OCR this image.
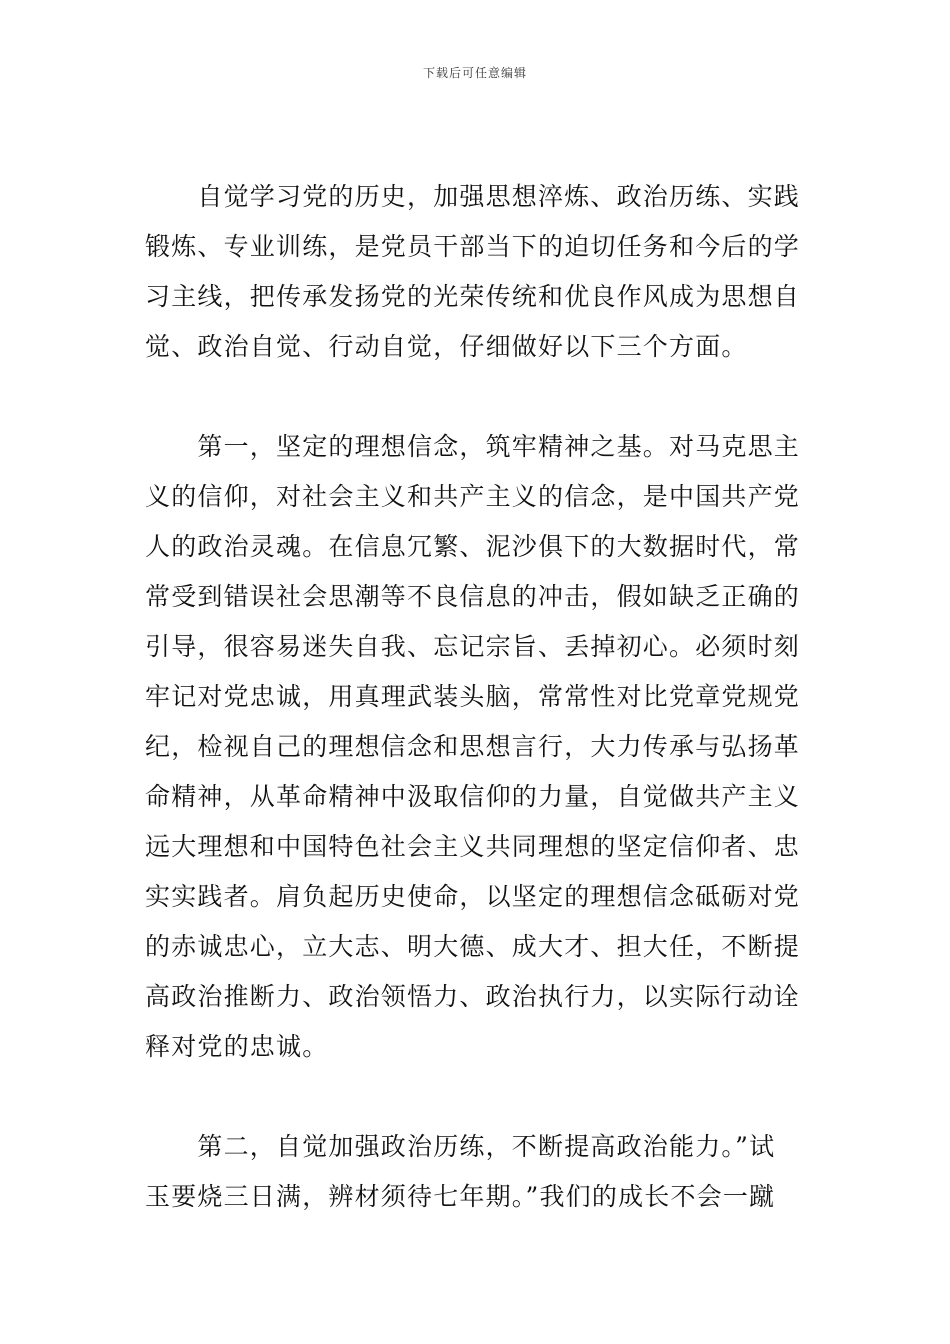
下载后可任意编辑
　　自觉学习党的历史，加强思想淬炼、政治历练、实践
锻炼、专业训练，是党员干部当下的迫切任务和今后的学
习主线，把传承发扬党的光荣传统和优良作风成为思想自
觉、政治自觉、行动自觉，仔细做好以下三个方面。
　　第一，坚定的理想信念，筑牢精神之基。对马克思主
义的信仰，对社会主义和共产主义的信念，是中国共产党
人的政治灵魂。在信息冗繁、泥沙俱下的大数据时代，常
常受到错误社会思潮等不良信息的冲击，假如缺乏正确的
引导，很容易迷失自我、忘记宗旨、丢掉初心。必须时刻
牢记对党忠诚，用真理武装头脑，常常性对比党章党规党
纪，检视自己的理想信念和思想言行，大力传承与弘扬革
命精神，从革命精神中汲取信仰的力量，自觉做共产主义
远大理想和中国特色社会主义共同理想的坚定信仰者、忠
实实践者。肩负起历史使命，以坚定的理想信念砥砺对党
的赤诚忠心，立大志、明大德、成大才、担大任，不断提
高政治推断力、政治领悟力、政治执行力，以实际行动诠
释对党的忠诚。
　　第二，自觉加强政治历练，不断提高政治能力。”试
玉要烧三日满，辨材须待七年期。”我们的成长不会一蹴
